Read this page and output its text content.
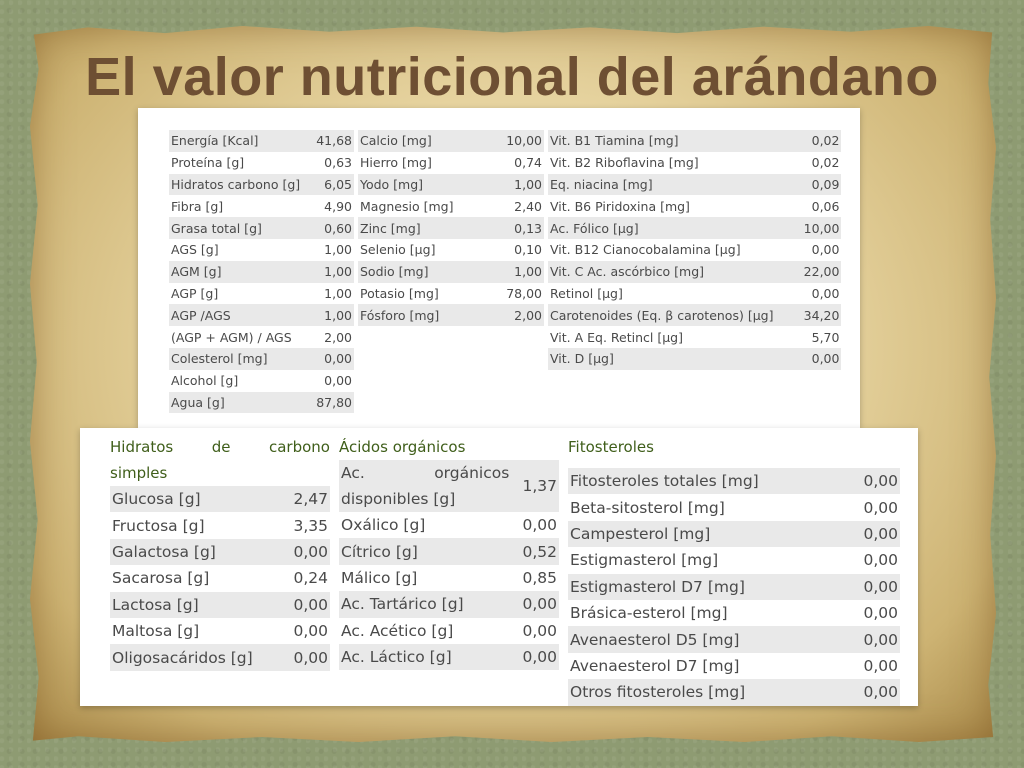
El valor nutricional del arándano
Energía [Kcal]	41,68
Proteína [g]	0,63
Hidratos carbono [g]	6,05
Fibra [g]	4,90
Grasa total [g]	0,60
AGS [g]	1,00
AGM [g]	1,00
AGP [g]	1,00
AGP /AGS	1,00
(AGP + AGM) / AGS	2,00
Colesterol [mg]	0,00
Alcohol [g]	0,00
Agua [g]	87,80
Calcio [mg]	10,00
Hierro [mg]	0,74
Yodo [mg]	1,00
Magnesio [mg]	2,40
Zinc [mg]	0,13
Selenio [µg]	0,10
Sodio [mg]	1,00
Potasio [mg]	78,00
Fósforo [mg]	2,00
Vit. B1 Tiamina [mg]	0,02
Vit. B2 Riboflavina [mg]	0,02
Eq. niacina [mg]	0,09
Vit. B6 Piridoxina [mg]	0,06
Ac. Fólico [µg]	10,00
Vit. B12 Cianocobalamina [µg]	0,00
Vit. C Ac. ascórbico [mg]	22,00
Retinol [µg]	0,00
Carotenoides (Eq. β carotenos) [µg]	34,20
Vit. A Eq. Retincl [µg]	5,70
Vit. D [µg]	0,00
Hidratos	de	carbono
simples
Glucosa [g]	2,47
Fructosa [g]	3,35
Galactosa [g]	0,00
Sacarosa [g]	0,24
Lactosa [g]	0,00
Maltosa [g]	0,00
Oligosacáridos [g]	0,00
Ácidos orgánicos
Ac. orgánicos
disponibles [g]	1,37
Oxálico [g]	0,00
Cítrico [g]	0,52
Málico [g]	0,85
Ac. Tartárico [g]	0,00
Ac. Acético [g]	0,00
Ac. Láctico [g]	0,00
Fitosteroles
Fitosteroles totales [mg]	0,00
Beta-sitosterol [mg]	0,00
Campesterol [mg]	0,00
Estigmasterol [mg]	0,00
Estigmasterol D7 [mg]	0,00
Brásica-esterol [mg]	0,00
Avenaesterol D5 [mg]	0,00
Avenaesterol D7 [mg]	0,00
Otros fitosteroles [mg]	0,00
